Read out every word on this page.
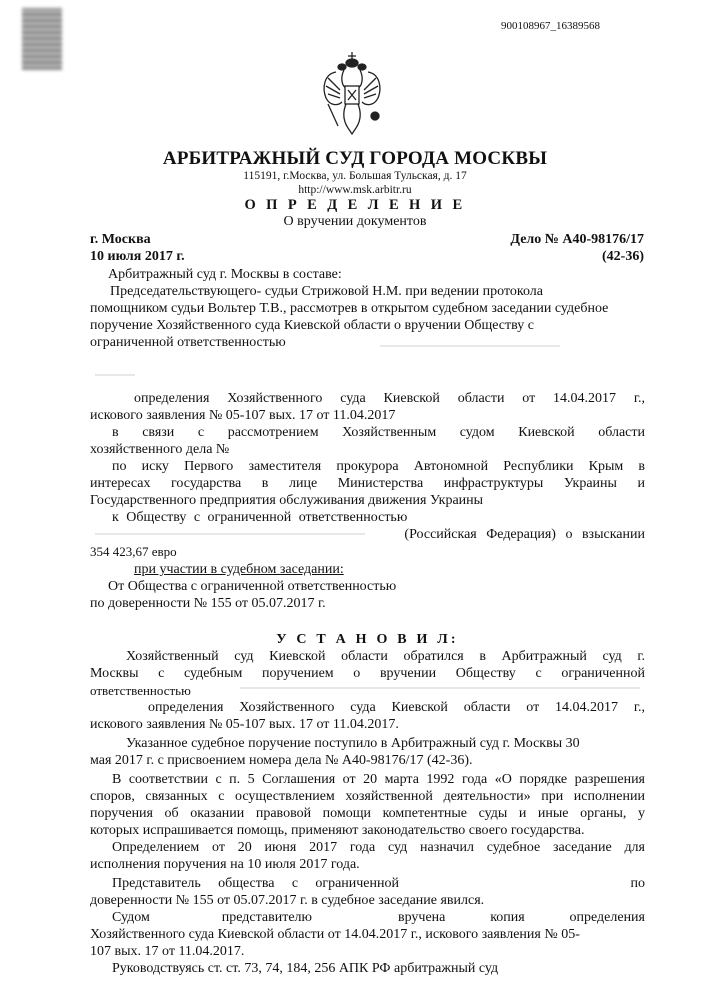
900108967_16389568
АРБИТРАЖНЫЙ СУД ГОРОДА МОСКВЫ
115191, г.Москва, ул. Большая Тульская, д. 17
http://www.msk.arbitr.ru
О П Р Е Д Е Л Е Н И Е
О вручении документов
г. Москва
10 июля 2017 г.
Дело № А40-98176/17
(42-36)
Арбитражный суд г. Москвы в составе:
Председательствующего- судьи Стрижовой Н.М. при ведении протокола
помощником судьи Вольтер Т.В., рассмотрев в открытом судебном заседании судебное
поручение Хозяйственного суда Киевской области о вручении Обществу с
ограниченной ответственностью
определения Хозяйственного суда Киевской области от 14.04.2017 г.,
искового заявления № 05-107 вых. 17 от 11.04.2017
в связи с рассмотрением Хозяйственным судом Киевской области
хозяйственного дела №
по иску Первого заместителя прокурора Автономной Республики Крым в
интересах государства в лице Министерства инфраструктуры Украины и
Государственного предприятия обслуживания движения Украины
к Обществу с ограниченной ответственностью
(Российская Федерация) о взыскании
354 423,67 евро
при участии в судебном заседании:
От Общества с ограниченной ответственностью
по доверенности № 155 от 05.07.2017 г.
У С Т А Н О В И Л:
Хозяйственный суд Киевской области обратился в Арбитражный суд г.
Москвы с судебным поручением о вручении Обществу с ограниченной
ответственностью
определения Хозяйственного суда Киевской области от 14.04.2017 г.,
искового заявления № 05-107 вых. 17 от 11.04.2017.
Указанное судебное поручение поступило в Арбитражный суд г. Москвы 30
мая 2017 г. с присвоением номера дела № А40-98176/17 (42-36).
В соответствии с п. 5 Соглашения от 20 марта 1992 года «О порядке разрешения
споров, связанных с осуществлением хозяйственной деятельности» при исполнении
поручения об оказании правовой помощи компетентные суды и иные органы, у
которых испрашивается помощь, применяют законодательство своего государства.
Определением от 20 июня 2017 года суд назначил судебное заседание для
исполнения поручения на 10 июля 2017 года.
Представитель общества с ограниченной	по
доверенности № 155 от 05.07.2017 г. в судебное заседание явился.
Судом представителю	вручена копия определения
Хозяйственного суда Киевской области от 14.04.2017 г., искового заявления № 05-
107 вых. 17 от 11.04.2017.
Руководствуясь ст. ст. 73, 74, 184, 256 АПК РФ арбитражный суд
